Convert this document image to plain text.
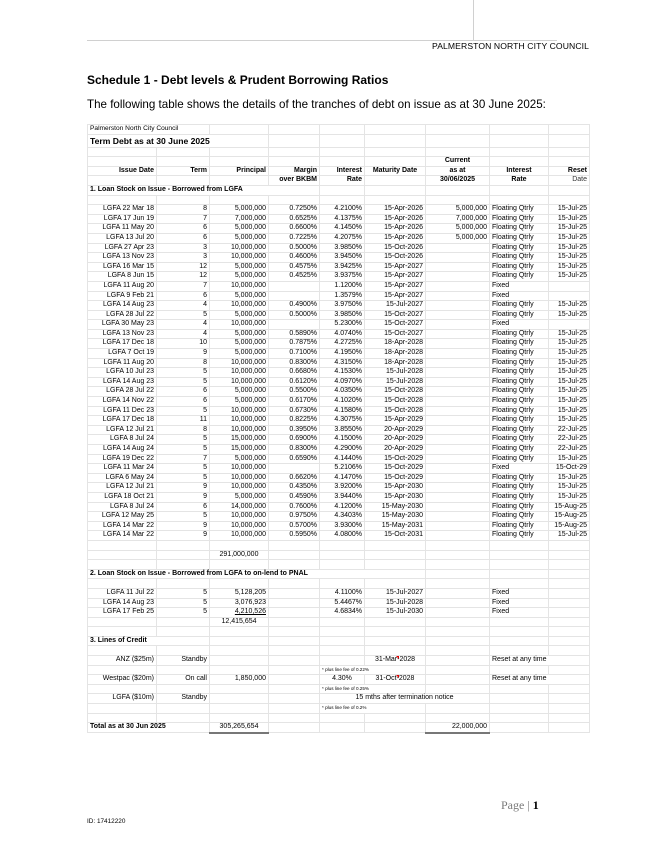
PALMERSTON NORTH CITY COUNCIL
Schedule 1 - Debt levels & Prudent Borrowing Ratios
The following table shows the details of the tranches of debt on issue as at 30 June 2025:
Palmerston North City Council								
Term Debt as at 30 June 2025								

						Current		
Issue Date	Term	Principal	Margin	Interest	Maturity Date	as at	Interest	Reset
			over BKBM	Rate		30/06/2025	Rate	Date
1. Loan Stock on Issue - Borrowed from LGFA								

LGFA 22 Mar 18	8	5,000,000	0.7250%	4.2100%	15-Apr-2026	5,000,000	Floating Qtrly	15-Jul-25
LGFA 17 Jun 19	7	7,000,000	0.6525%	4.1375%	15-Apr-2026	7,000,000	Floating Qtrly	15-Jul-25
LGFA 11 May 20	6	5,000,000	0.6600%	4.1450%	15-Apr-2026	5,000,000	Floating Qtrly	15-Jul-25
LGFA 13 Jul 20	6	5,000,000	0.7225%	4.2075%	15-Apr-2026	5,000,000	Floating Qtrly	15-Jul-25
LGFA 27 Apr 23	3	10,000,000	0.5000%	3.9850%	15-Oct-2026		Floating Qtrly	15-Jul-25
LGFA 13 Nov 23	3	10,000,000	0.4600%	3.9450%	15-Oct-2026		Floating Qtrly	15-Jul-25
LGFA 16 Mar 15	12	5,000,000	0.4575%	3.9425%	15-Apr-2027		Floating Qtrly	15-Jul-25
LGFA 8 Jun 15	12	5,000,000	0.4525%	3.9375%	15-Apr-2027		Floating Qtrly	15-Jul-25
LGFA 11 Aug 20	7	10,000,000		1.1200%	15-Apr-2027		Fixed	
LGFA 9 Feb 21	6	5,000,000		1.3579%	15-Apr-2027		Fixed	
LGFA 14 Aug 23	4	10,000,000	0.4900%	3.9750%	15-Jul-2027		Floating Qtrly	15-Jul-25
LGFA 28 Jul 22	5	5,000,000	0.5000%	3.9850%	15-Oct-2027		Floating Qtrly	15-Jul-25
LGFA 30 May 23	4	10,000,000		5.2300%	15-Oct-2027		Fixed	
LGFA 13 Nov 23	4	5,000,000	0.5890%	4.0740%	15-Oct-2027		Floating Qtrly	15-Jul-25
LGFA 17 Dec 18	10	5,000,000	0.7875%	4.2725%	18-Apr-2028		Floating Qtrly	15-Jul-25
LGFA 7 Oct 19	9	5,000,000	0.7100%	4.1950%	18-Apr-2028		Floating Qtrly	15-Jul-25
LGFA 11 Aug 20	8	10,000,000	0.8300%	4.3150%	18-Apr-2028		Floating Qtrly	15-Jul-25
LGFA 10 Jul 23	5	10,000,000	0.6680%	4.1530%	15-Jul-2028		Floating Qtrly	15-Jul-25
LGFA 14 Aug 23	5	10,000,000	0.6120%	4.0970%	15-Jul-2028		Floating Qtrly	15-Jul-25
LGFA 28 Jul 22	6	5,000,000	0.5500%	4.0350%	15-Oct-2028		Floating Qtrly	15-Jul-25
LGFA 14 Nov 22	6	5,000,000	0.6170%	4.1020%	15-Oct-2028		Floating Qtrly	15-Jul-25
LGFA 11 Dec 23	5	10,000,000	0.6730%	4.1580%	15-Oct-2028		Floating Qtrly	15-Jul-25
LGFA 17 Dec 18	11	10,000,000	0.8225%	4.3075%	15-Apr-2029		Floating Qtrly	15-Jul-25
LGFA 12 Jul 21	8	10,000,000	0.3950%	3.8550%	20-Apr-2029		Floating Qtrly	22-Jul-25
LGFA 8 Jul 24	5	15,000,000	0.6900%	4.1500%	20-Apr-2029		Floating Qtrly	22-Jul-25
LGFA 14 Aug 24	5	15,000,000	0.8300%	4.2900%	20-Apr-2029		Floating Qtrly	22-Jul-25
LGFA 19 Dec 22	7	5,000,000	0.6590%	4.1440%	15-Oct-2029		Floating Qtrly	15-Jul-25
LGFA 11 Mar 24	5	10,000,000		5.2106%	15-Oct-2029		Fixed	15-Oct-29
LGFA 6 May 24	5	10,000,000	0.6620%	4.1470%	15-Oct-2029		Floating Qtrly	15-Jul-25
LGFA 12 Jul 21	9	10,000,000	0.4350%	3.9200%	15-Apr-2030		Floating Qtrly	15-Jul-25
LGFA 18 Oct 21	9	5,000,000	0.4590%	3.9440%	15-Apr-2030		Floating Qtrly	15-Jul-25
LGFA 8 Jul 24	6	14,000,000	0.7600%	4.1200%	15-May-2030		Floating Qtrly	15-Aug-25
LGFA 12 May 25	5	10,000,000	0.9750%	4.3403%	15-May-2030		Floating Qtrly	15-Aug-25
LGFA 14 Mar 22	9	10,000,000	0.5700%	3.9300%	15-May-2031		Floating Qtrly	15-Aug-25
LGFA 14 Mar 22	9	10,000,000	0.5950%	4.0800%	15-Oct-2031		Floating Qtrly	15-Jul-25

		291,000,000						

2. Loan Stock on Issue - Borrowed from LGFA to on-lend to PNAL								

LGFA 11 Jul 22	5	5,128,205		4.1100%	15-Jul-2027		Fixed	
LGFA 14 Aug 23	5	3,076,923		5.4467%	15-Jul-2028		Fixed	
LGFA 17 Feb 25	5	4,210,526		4.6834%	15-Jul-2030		Fixed	
		12,415,654						

3. Lines of Credit								

ANZ ($25m)	Standby				31-Mar-2028		Reset at any time	
				* plus line fee of 0.22%				
Westpac ($20m)	On call	1,850,000		4.30%	31-Oct-2028		Reset at any time	
				* plus line fee of 0.25%				
LGFA ($10m)	Standby			15 mths after termination notice				
				* plus line fee of 0.2%				

Total as at 30 Jun 2025		305,265,654				22,000,000		
Page | 1
ID: 17412220
